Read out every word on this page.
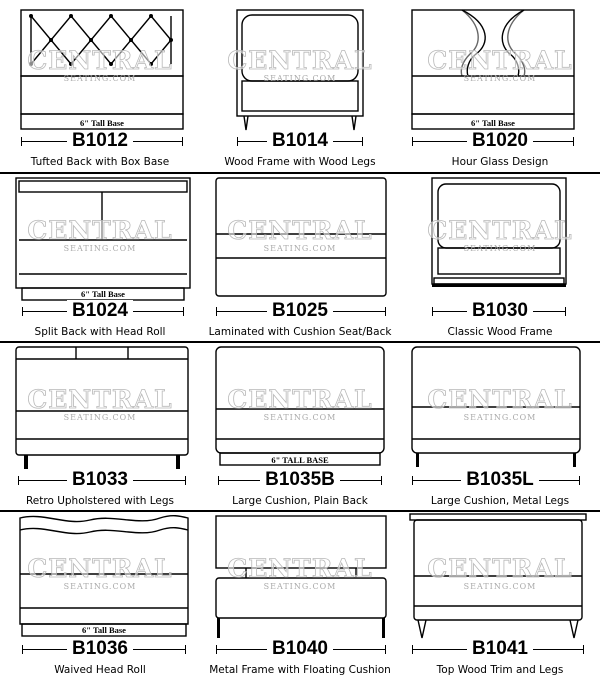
6" Tall Base
CENTRAL
SEATING.COM
B1012
Tufted Back with Box Base
CENTRAL
SEATING.COM
B1014
Wood Frame with Wood Legs
6" Tall Base
CENTRAL
SEATING.COM
B1020
Hour Glass Design
6" Tall Base
CENTRAL
SEATING.COM
B1024
Split Back with Head Roll
CENTRAL
SEATING.COM
B1025
Laminated with Cushion Seat/Back
CENTRAL
SEATING.COM
B1030
Classic Wood Frame
CENTRAL
SEATING.COM
B1033
Retro Upholstered with Legs
6" TALL BASE
CENTRAL
SEATING.COM
B1035B
Large Cushion, Plain Back
CENTRAL
SEATING.COM
B1035L
Large Cushion, Metal Legs
6" Tall Base
CENTRAL
SEATING.COM
B1036
Waived Head Roll
CENTRAL
SEATING.COM
B1040
Metal Frame with Floating Cushion
CENTRAL
SEATING.COM
B1041
Top Wood Trim and Legs
